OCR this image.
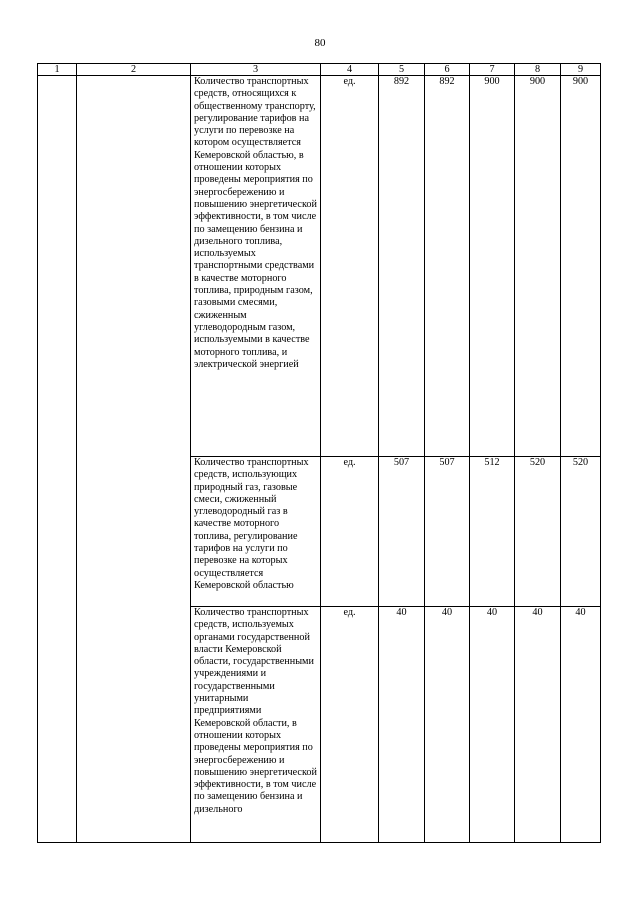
80
1	2	3	4	5	6	7	8	9
		Количество транспортных средств, относящихся к общественному транспорту, регулирование тарифов на услуги по перевозке на котором осуществляется Кемеровской областью, в отношении которых проведены мероприятия по энергосбережению и повышению энергетической эффективности, в том числе по замещению бензина и дизельного топлива, используемых транспортными средствами в качестве моторного топлива, природным газом, газовыми смесями, сжиженным углеводородным газом, используемыми в качестве моторного топлива, и электрической энергией	ед.	892	892	900	900	900
		Количество транспортных средств, использующих природный газ, газовые смеси, сжиженный углеводородный газ в качестве моторного топлива, регулирование тарифов на услуги по перевозке на которых осуществляется Кемеровской областью	ед.	507	507	512	520	520
		Количество транспортных средств, используемых органами государственной власти Кемеровской области, государственными учреждениями и государственными унитарными предприятиями Кемеровской области, в отношении которых проведены мероприятия по энергосбережению и повышению энергетической эффективности, в том числе по замещению бензина и дизельного	ед.	40	40	40	40	40
